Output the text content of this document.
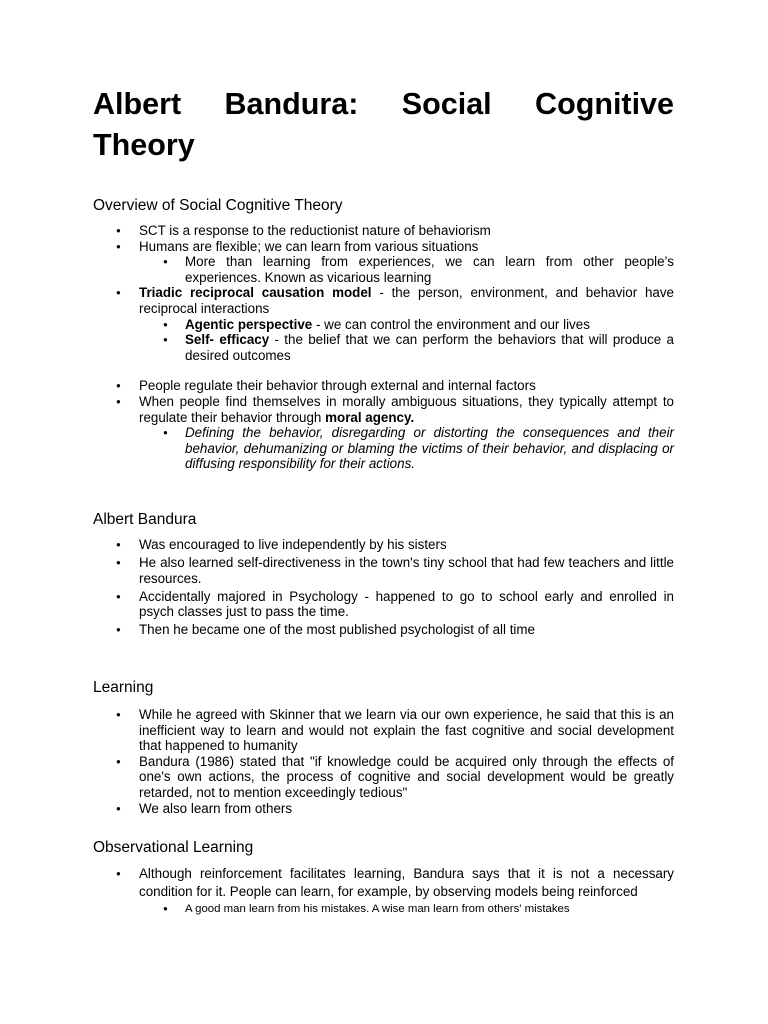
Albert Bandura: Social Cognitive Theory
Overview of Social Cognitive Theory
● SCT is a response to the reductionist nature of behaviorism
● Humans are flexible; we can learn from various situations
● More than learning from experiences, we can learn from other people’s experiences. Known as vicarious learning
● Triadic reciprocal causation model - the person, environment, and behavior have reciprocal interactions
● Agentic perspective - we can control the environment and our lives
● Self- efficacy - the belief that we can perform the behaviors that will produce a desired outcomes
● People regulate their behavior through external and internal factors
● When people find themselves in morally ambiguous situations, they typically attempt to regulate their behavior through moral agency.
● Defining the behavior, disregarding or distorting the consequences and their behavior, dehumanizing or blaming the victims of their behavior, and displacing or diffusing responsibility for their actions.
Albert Bandura
● Was encouraged to live independently by his sisters
● He also learned self-directiveness in the town's tiny school that had few teachers and little resources.
● Accidentally majored in Psychology - happened to go to school early and enrolled in psych classes just to pass the time.
● Then he became one of the most published psychologist of all time
Learning
● While he agreed with Skinner that we learn via our own experience, he said that this is an inefficient way to learn and would not explain the fast cognitive and social development that happened to humanity
● Bandura (1986) stated that "if knowledge could be acquired only through the effects of one's own actions, the process of cognitive and social development would be greatly retarded, not to mention exceedingly tedious"
● We also learn from others
Observational Learning
● Although reinforcement facilitates learning, Bandura says that it is not a necessary condition for it. People can learn, for example, by observing models being reinforced
● A good man learn from his mistakes. A wise man learn from others' mistakes
